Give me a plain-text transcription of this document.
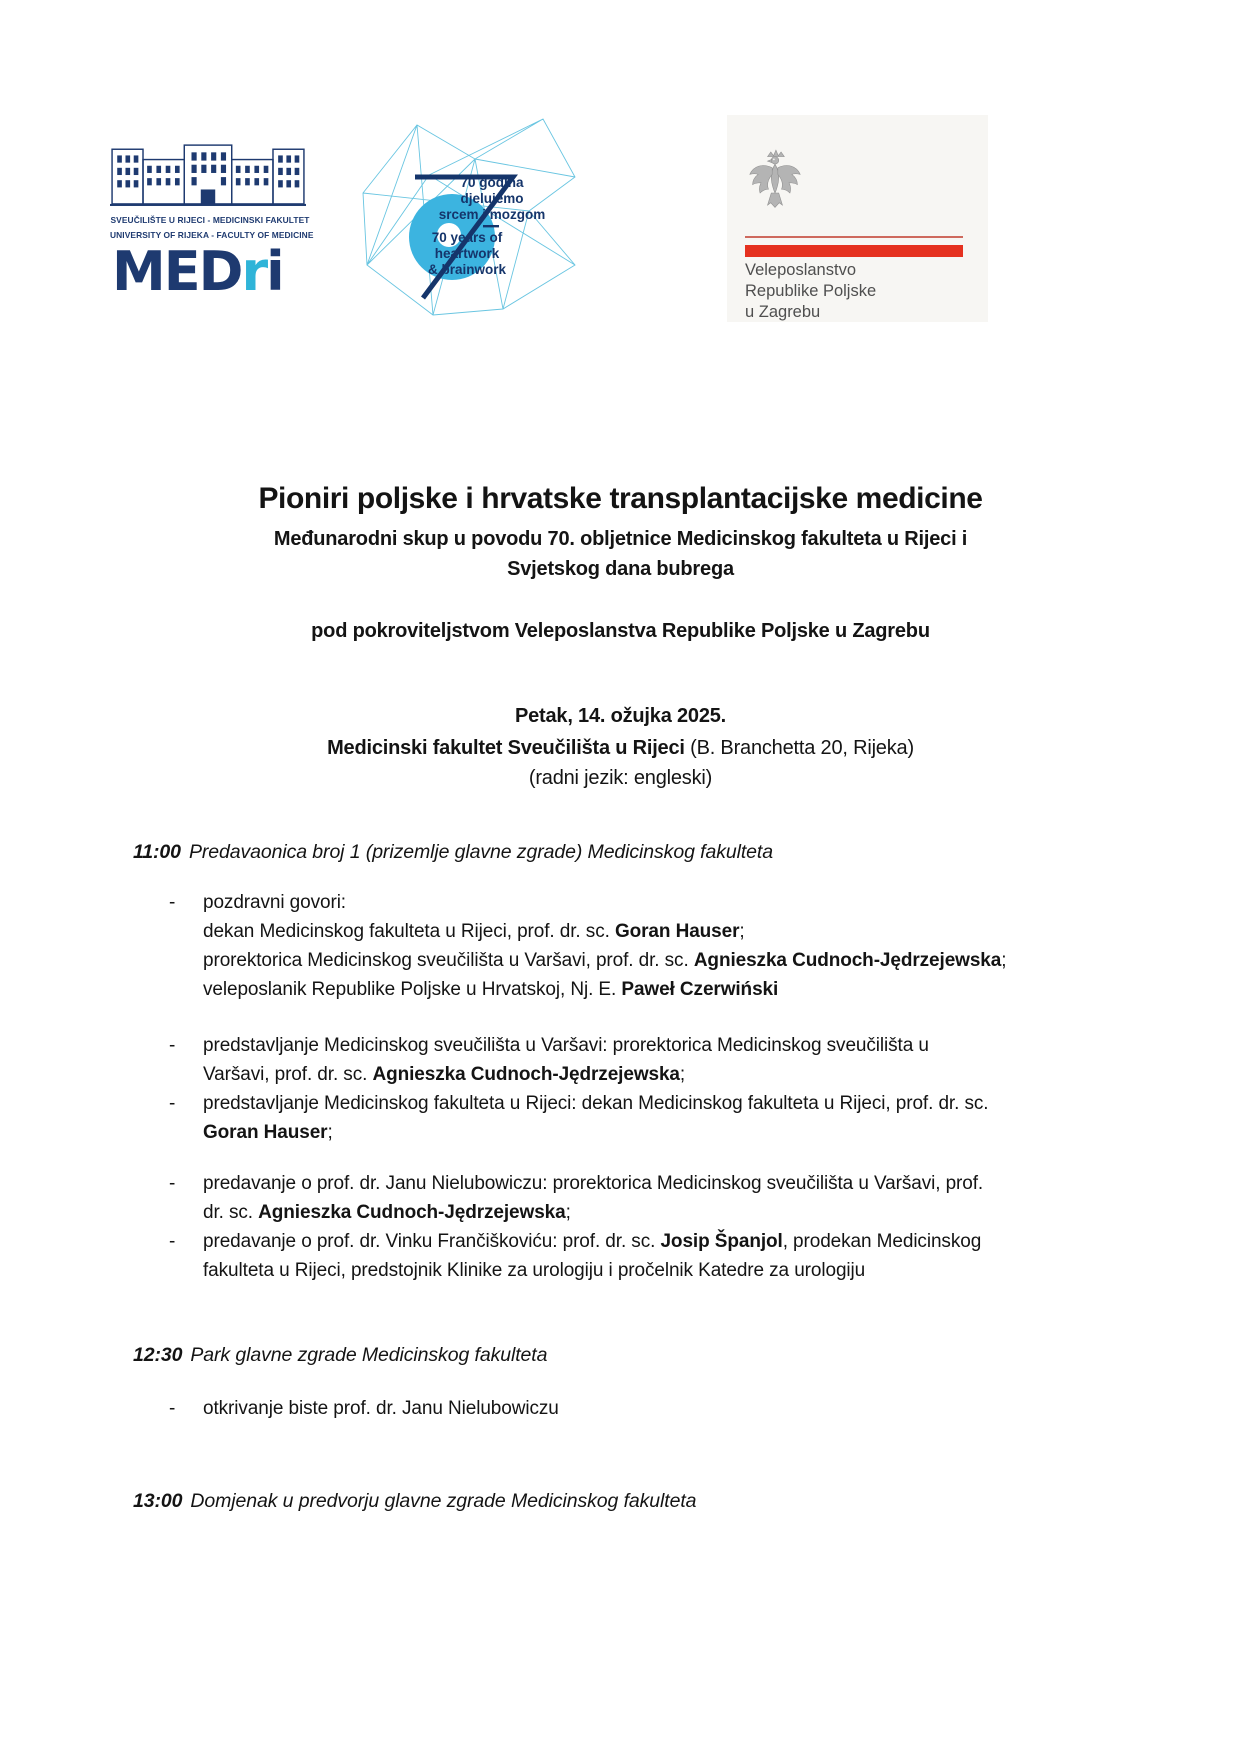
SVEUČILIŠTE U RIJECI - MEDICINSKI FAKULTET
UNIVERSITY OF RIJEKA - FACULTY OF MEDICINE
MEDri
70 godina
djelujemo
srcem i mozgom
70 years of
heartwork
& brainwork	Veleposlanstvo
Republike Poljske
u Zagrebu
Pioniri poljske i hrvatske transplantacijske medicine
Međunarodni skup u povodu 70. obljetnice Medicinskog fakulteta u Rijeci i
Svjetskog dana bubrega
pod pokroviteljstvom Veleposlanstva Republike Poljske u Zagrebu
Petak, 14. ožujka 2025.
Medicinski fakultet Sveučilišta u Rijeci (B. Branchetta 20, Rijeka)
(radni jezik: engleski)
11:00 Predavaonica broj 1 (prizemlje glavne zgrade) Medicinskog fakulteta
- pozdravni govori:
dekan Medicinskog fakulteta u Rijeci, prof. dr. sc. Goran Hauser;
prorektorica Medicinskog sveučilišta u Varšavi, prof. dr. sc. Agnieszka Cudnoch-Jędrzejewska;
veleposlanik Republike Poljske u Hrvatskoj, Nj. E. Paweł Czerwiński
- predstavljanje Medicinskog sveučilišta u Varšavi: prorektorica Medicinskog sveučilišta u
Varšavi, prof. dr. sc. Agnieszka Cudnoch-Jędrzejewska;
- predstavljanje Medicinskog fakulteta u Rijeci: dekan Medicinskog fakulteta u Rijeci, prof. dr. sc.
Goran Hauser;
- predavanje o prof. dr. Janu Nielubowiczu: prorektorica Medicinskog sveučilišta u Varšavi, prof.
dr. sc. Agnieszka Cudnoch-Jędrzejewska;
- predavanje o prof. dr. Vinku Frančiškoviću: prof. dr. sc. Josip Španjol, prodekan Medicinskog
fakulteta u Rijeci, predstojnik Klinike za urologiju i pročelnik Katedre za urologiju
12:30 Park glavne zgrade Medicinskog fakulteta
- otkrivanje biste prof. dr. Janu Nielubowiczu
13:00 Domjenak u predvorju glavne zgrade Medicinskog fakulteta
